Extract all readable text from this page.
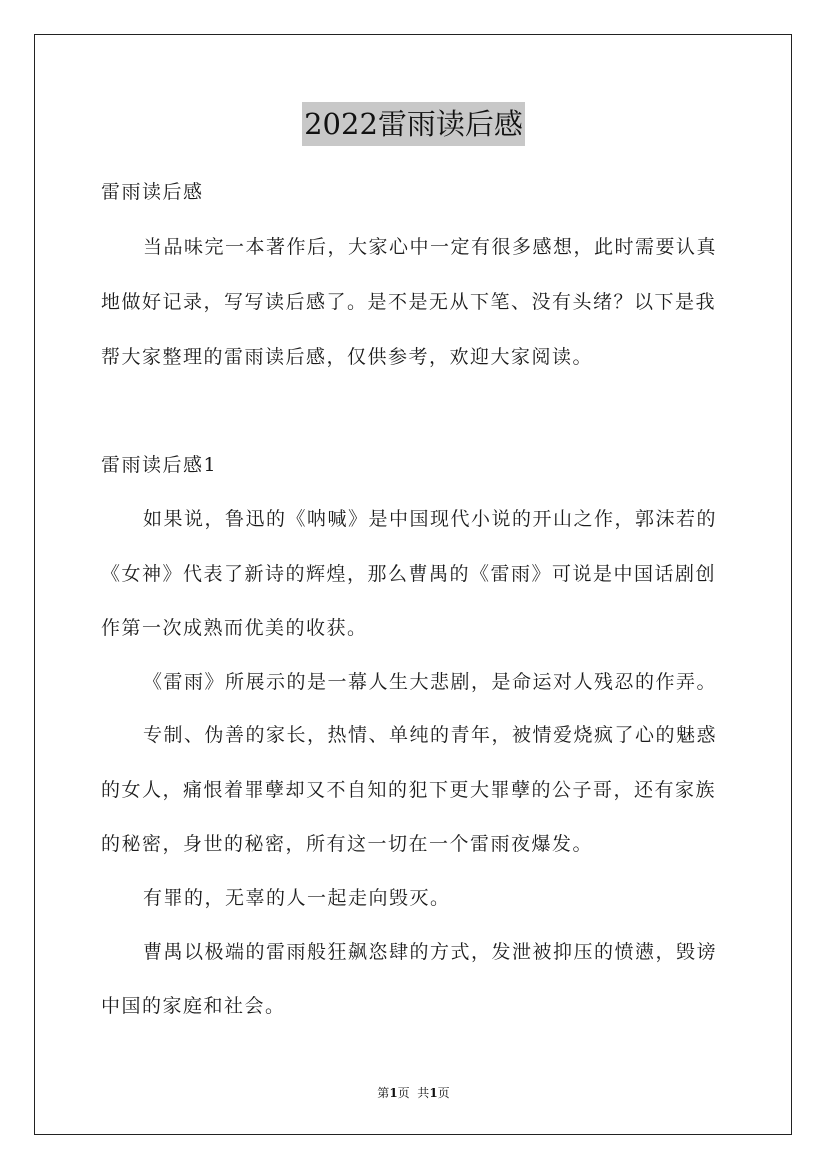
2022雷雨读后感

雷雨读后感

当品味完一本著作后，大家心中一定有很多感想，此时需要认真

地做好记录，写写读后感了。是不是无从下笔、没有头绪？以下是我

帮大家整理的雷雨读后感，仅供参考，欢迎大家阅读。

雷雨读后感1

如果说，鲁迅的《呐喊》是中国现代小说的开山之作，郭沫若的

《女神》代表了新诗的辉煌，那么曹禺的《雷雨》可说是中国话剧创

作第一次成熟而优美的收获。

《雷雨》所展示的是一幕人生大悲剧，是命运对人残忍的作弄。

专制、伪善的家长，热情、单纯的青年，被情爱烧疯了心的魅惑

的女人，痛恨着罪孽却又不自知的犯下更大罪孽的公子哥，还有家族

的秘密，身世的秘密，所有这一切在一个雷雨夜爆发。

有罪的，无辜的人一起走向毁灭。

曹禺以极端的雷雨般狂飙恣肆的方式，发泄被抑压的愤懑，毁谤

中国的家庭和社会。

第1页  共1页
